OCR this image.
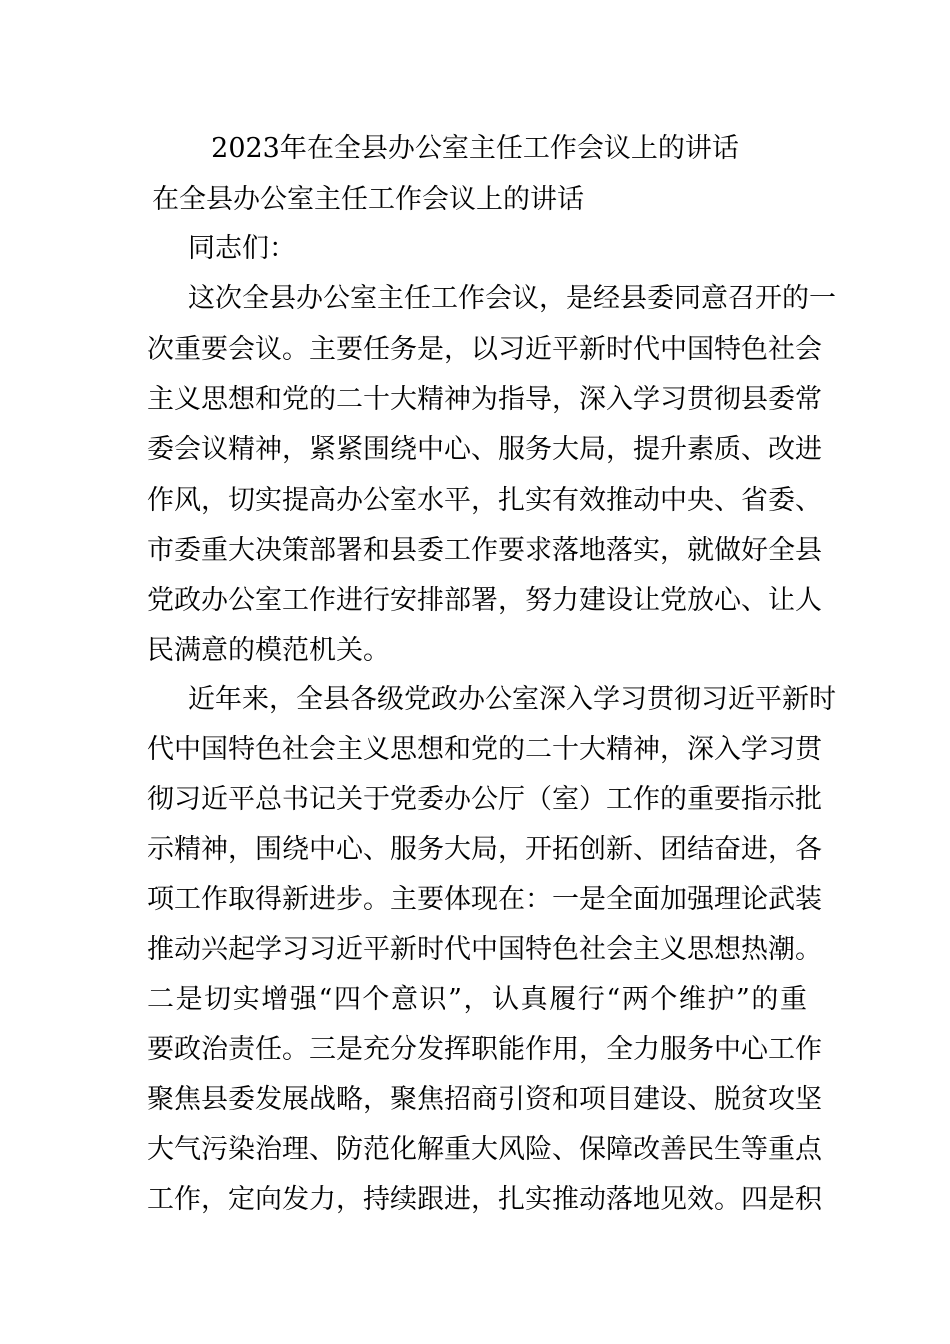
2023年在全县办公室主任工作会议上的讲话
在全县办公室主任工作会议上的讲话
同志们：
这次全县办公室主任工作会议，是经县委同意召开的一
次重要会议。主要任务是，以习近平新时代中国特色社会
主义思想和党的二十大精神为指导，深入学习贯彻县委常
委会议精神，紧紧围绕中心、服务大局，提升素质、改进
作风，切实提高办公室水平，扎实有效推动中央、省委、
市委重大决策部署和县委工作要求落地落实，就做好全县
党政办公室工作进行安排部署，努力建设让党放心、让人
民满意的模范机关。
近年来，全县各级党政办公室深入学习贯彻习近平新时
代中国特色社会主义思想和党的二十大精神，深入学习贯
彻习近平总书记关于党委办公厅（室）工作的重要指示批
示精神，围绕中心、服务大局，开拓创新、团结奋进，各
项工作取得新进步。主要体现在：一是全面加强理论武装
推动兴起学习习近平新时代中国特色社会主义思想热潮。
二是切实增强“四个意识”，认真履行“两个维护”的重
要政治责任。三是充分发挥职能作用，全力服务中心工作
聚焦县委发展战略，聚焦招商引资和项目建设、脱贫攻坚
大气污染治理、防范化解重大风险、保障改善民生等重点
工作，定向发力，持续跟进，扎实推动落地见效。四是积
